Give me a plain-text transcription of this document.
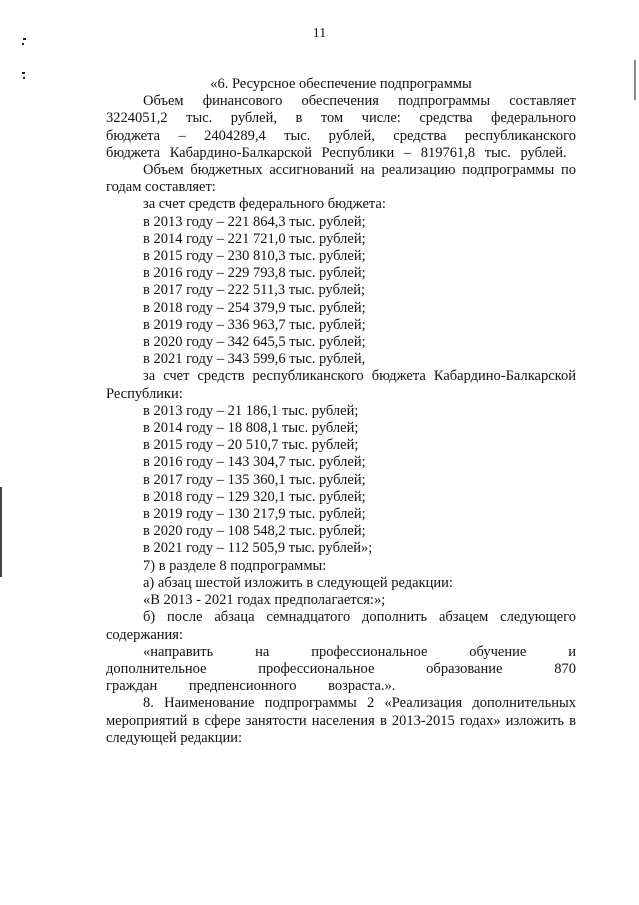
11

«6. Ресурсное обеспечение подпрограммы

Объем финансового обеспечения подпрограммы составляет 3224051,2 тыс. рублей, в том числе: средства федерального бюджета – 2404289,4 тыс. рублей, средства республиканского бюджета Кабардино-Балкарской Республики – 819761,8 тыс. рублей.

Объем бюджетных ассигнований на реализацию подпрограммы по годам составляет:

за счет средств федерального бюджета:

в 2013 году – 221 864,3 тыс. рублей;

в 2014 году – 221 721,0 тыс. рублей;

в 2015 году – 230 810,3 тыс. рублей;

в 2016 году – 229 793,8 тыс. рублей;

в 2017 году – 222 511,3 тыс. рублей;

в 2018 году – 254 379,9 тыс. рублей;

в 2019 году – 336 963,7 тыс. рублей;

в 2020 году – 342 645,5 тыс. рублей;

в 2021 году – 343 599,6 тыс. рублей,

за счет средств республиканского бюджета Кабардино-Балкарской Республики:

в 2013 году – 21 186,1 тыс. рублей;

в 2014 году – 18 808,1 тыс. рублей;

в 2015 году – 20 510,7 тыс. рублей;

в 2016 году – 143 304,7 тыс. рублей;

в 2017 году – 135 360,1 тыс. рублей;

в 2018 году – 129 320,1 тыс. рублей;

в 2019 году – 130 217,9 тыс. рублей;

в 2020 году – 108 548,2 тыс. рублей;

в 2021 году – 112 505,9 тыс. рублей»;

7) в разделе 8 подпрограммы:

а) абзац шестой изложить в следующей редакции:

«В 2013 - 2021 годах предполагается:»;

б) после абзаца семнадцатого дополнить абзацем следующего содержания:

«направить на профессиональное обучение и дополнительное профессиональное образование 870 граждан предпенсионного возраста.».

8. Наименование подпрограммы 2 «Реализация дополнительных мероприятий в сфере занятости населения в 2013-2015 годах» изложить в следующей редакции:
